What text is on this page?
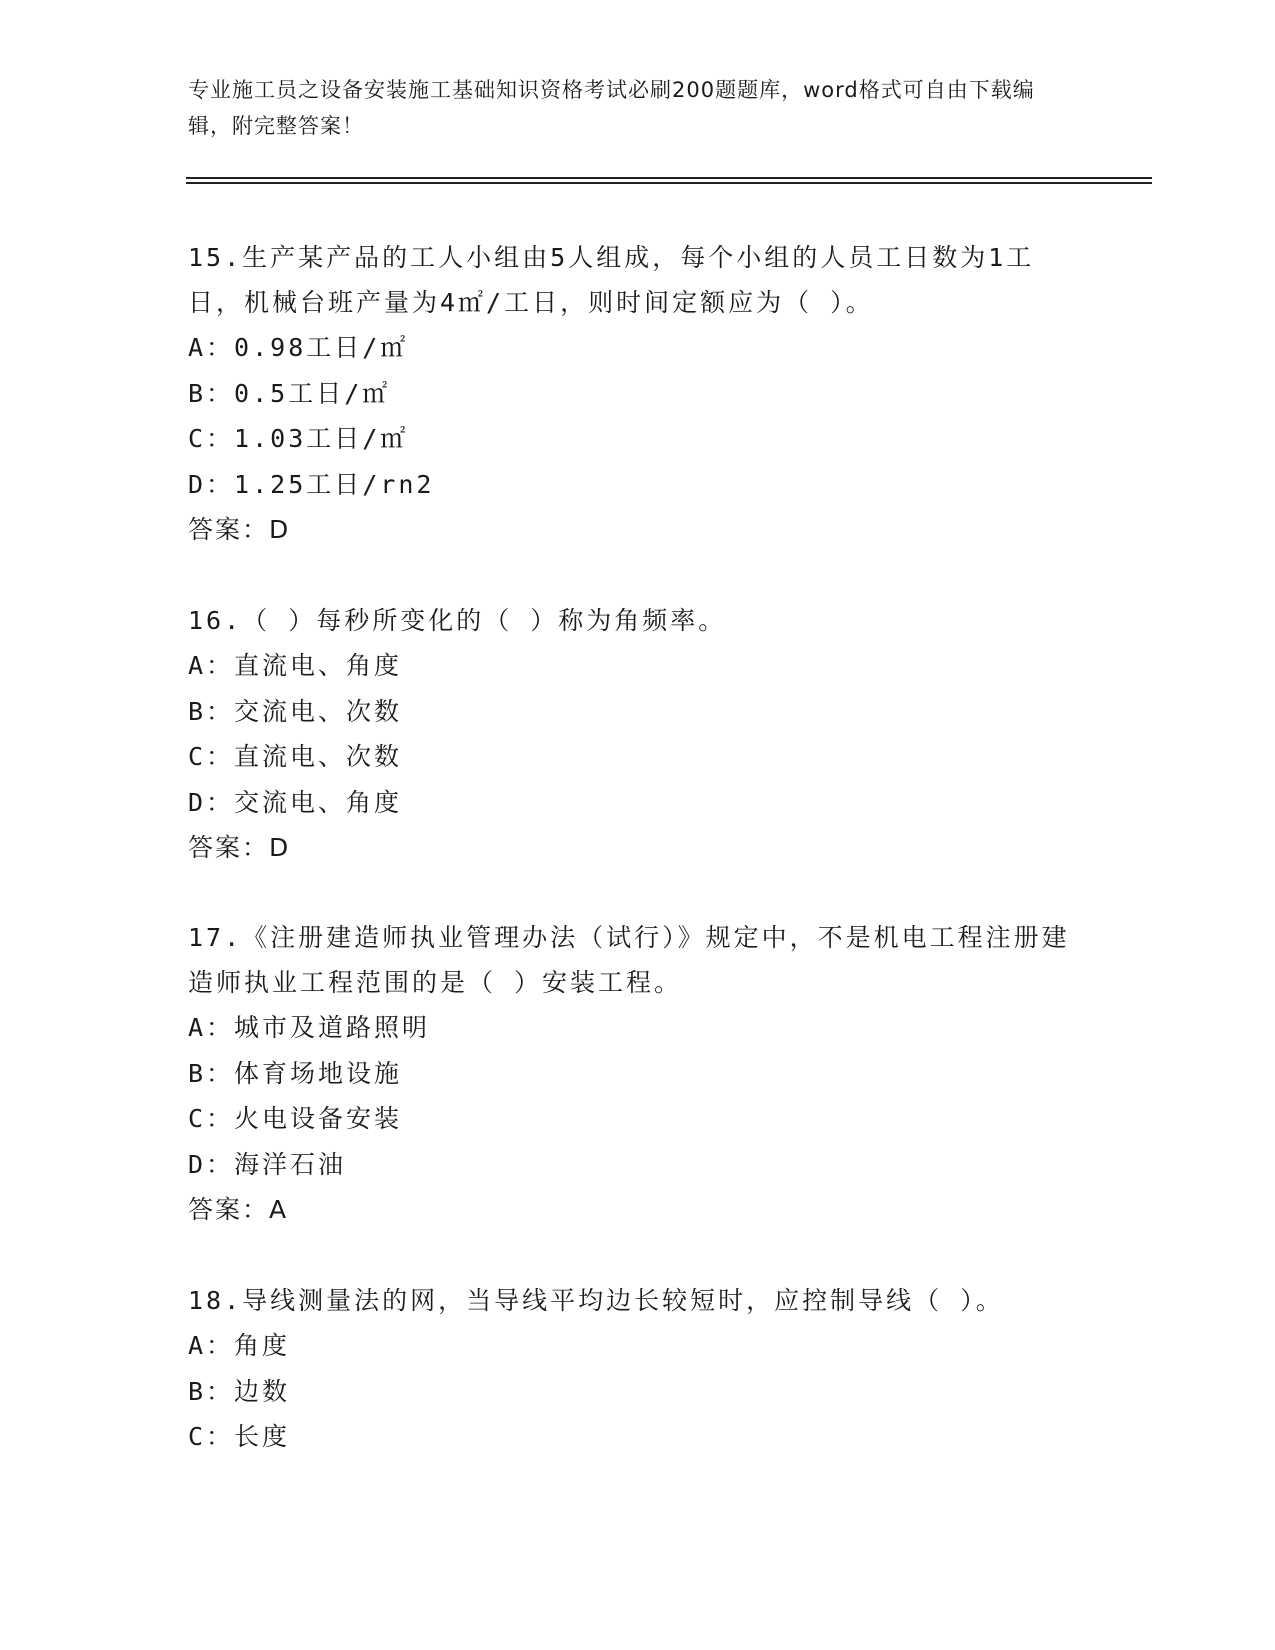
专业施工员之设备安装施工基础知识资格考试必刷200题题库，word格式可自由下载编辑，附完整答案！

15.生产某产品的工人小组由5人组成，每个小组的人员工日数为1工日，机械台班产量为4㎡/工日，则时间定额应为（ ）。

A：0.98工日/㎡
B：0.5工日/㎡
C：1.03工日/㎡
D：1.25工日/rn2
答案：D

16.（ ）每秒所变化的（ ）称为角频率。

A：直流电、角度
B：交流电、次数
C：直流电、次数
D：交流电、角度
答案：D

17.《注册建造师执业管理办法（试行）》规定中，不是机电工程注册建造师执业工程范围的是（ ）安装工程。

A：城市及道路照明
B：体育场地设施
C：火电设备安装
D：海洋石油
答案：A

18.导线测量法的网，当导线平均边长较短时，应控制导线（ ）。

A：角度
B：边数
C：长度
